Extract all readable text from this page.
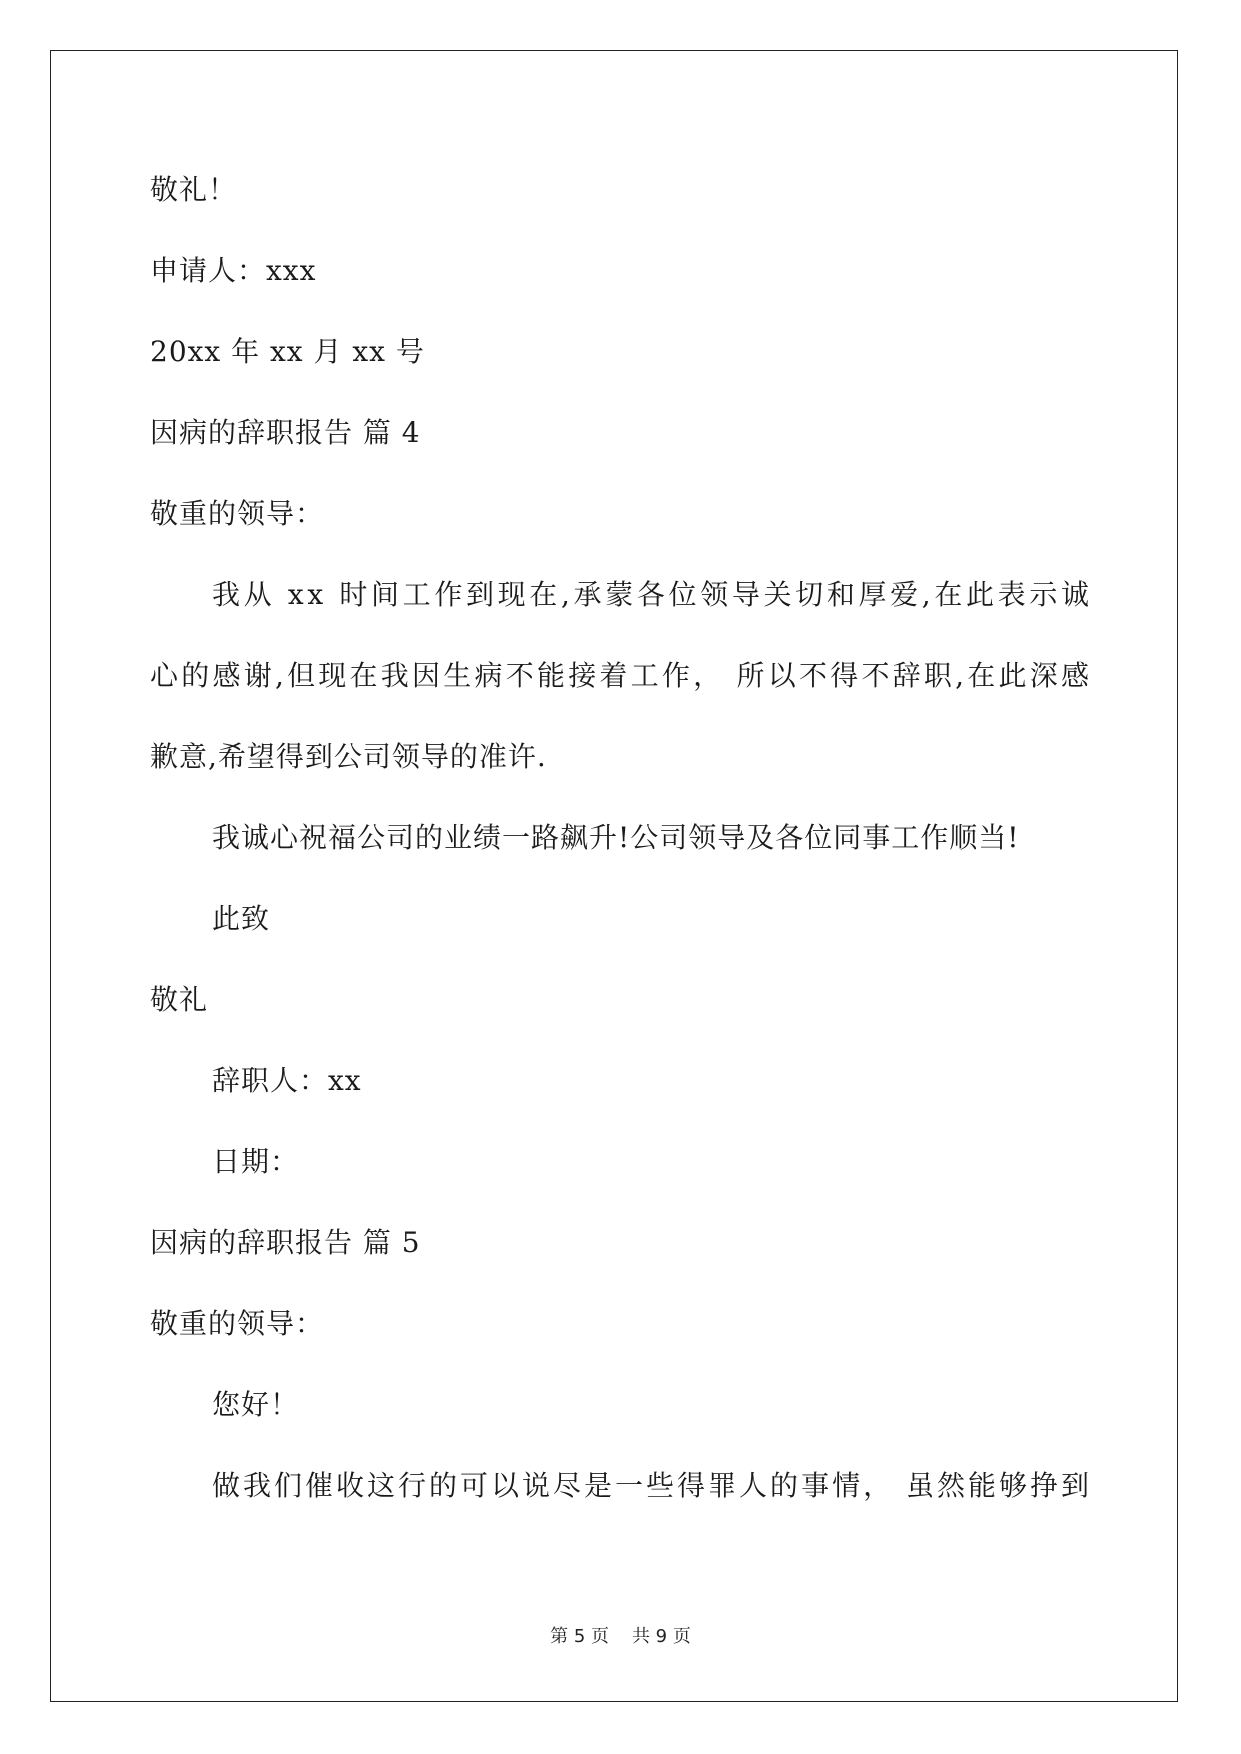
敬礼！
申请人：xxx
20xx 年 xx 月 xx 号
因病的辞职报告 篇 4
敬重的领导：
我从 xx 时间工作到现在,承蒙各位领导关切和厚爱,在此表示诚
心的感谢,但现在我因生病不能接着工作， 所以不得不辞职,在此深感
歉意,希望得到公司领导的准许.
我诚心祝福公司的业绩一路飙升!公司领导及各位同事工作顺当!
此致
敬礼
辞职人：xx
日期：
因病的辞职报告 篇 5
敬重的领导：
您好！
做我们催收这行的可以说尽是一些得罪人的事情， 虽然能够挣到
第 5 页    共 9 页
